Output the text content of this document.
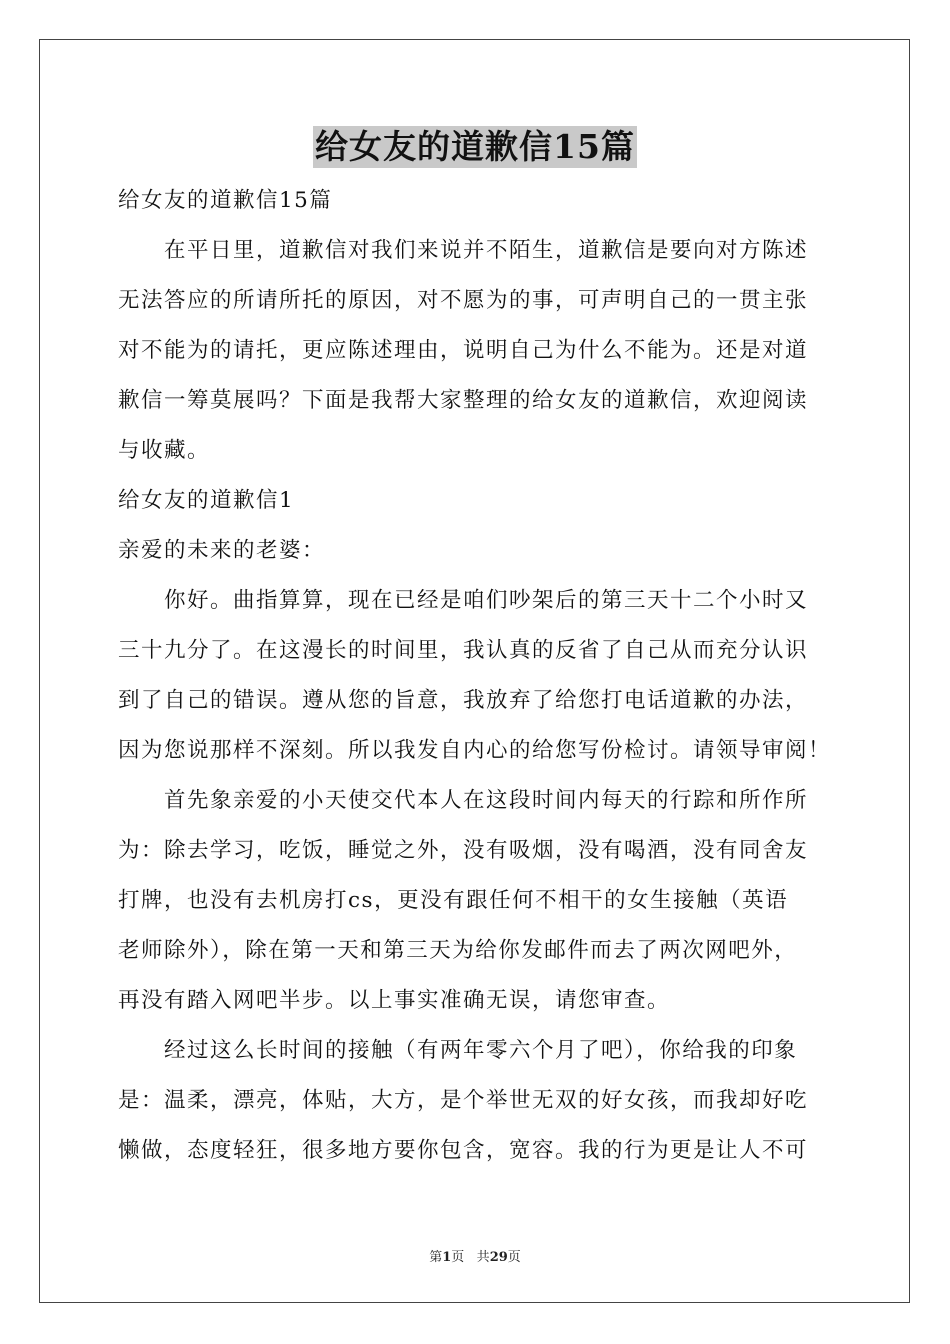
给女友的道歉信15篇
给女友的道歉信15篇
在平日里，道歉信对我们来说并不陌生，道歉信是要向对方陈述
无法答应的所请所托的原因，对不愿为的事，可声明自己的一贯主张
对不能为的请托，更应陈述理由，说明自己为什么不能为。还是对道
歉信一筹莫展吗？下面是我帮大家整理的给女友的道歉信，欢迎阅读
与收藏。
给女友的道歉信1
亲爱的未来的老婆：
你好。曲指算算，现在已经是咱们吵架后的第三天十二个小时又
三十九分了。在这漫长的时间里，我认真的反省了自己从而充分认识
到了自己的错误。遵从您的旨意，我放弃了给您打电话道歉的办法，
因为您说那样不深刻。所以我发自内心的给您写份检讨。请领导审阅！
首先象亲爱的小天使交代本人在这段时间内每天的行踪和所作所
为：除去学习，吃饭，睡觉之外，没有吸烟，没有喝酒，没有同舍友
打牌，也没有去机房打cs，更没有跟任何不相干的女生接触（英语
老师除外），除在第一天和第三天为给你发邮件而去了两次网吧外，
再没有踏入网吧半步。以上事实准确无误，请您审查。
经过这么长时间的接触（有两年零六个月了吧），你给我的印象
是：温柔，漂亮，体贴，大方，是个举世无双的好女孩，而我却好吃
懒做，态度轻狂，很多地方要你包含，宽容。我的行为更是让人不可
第1页 共29页
